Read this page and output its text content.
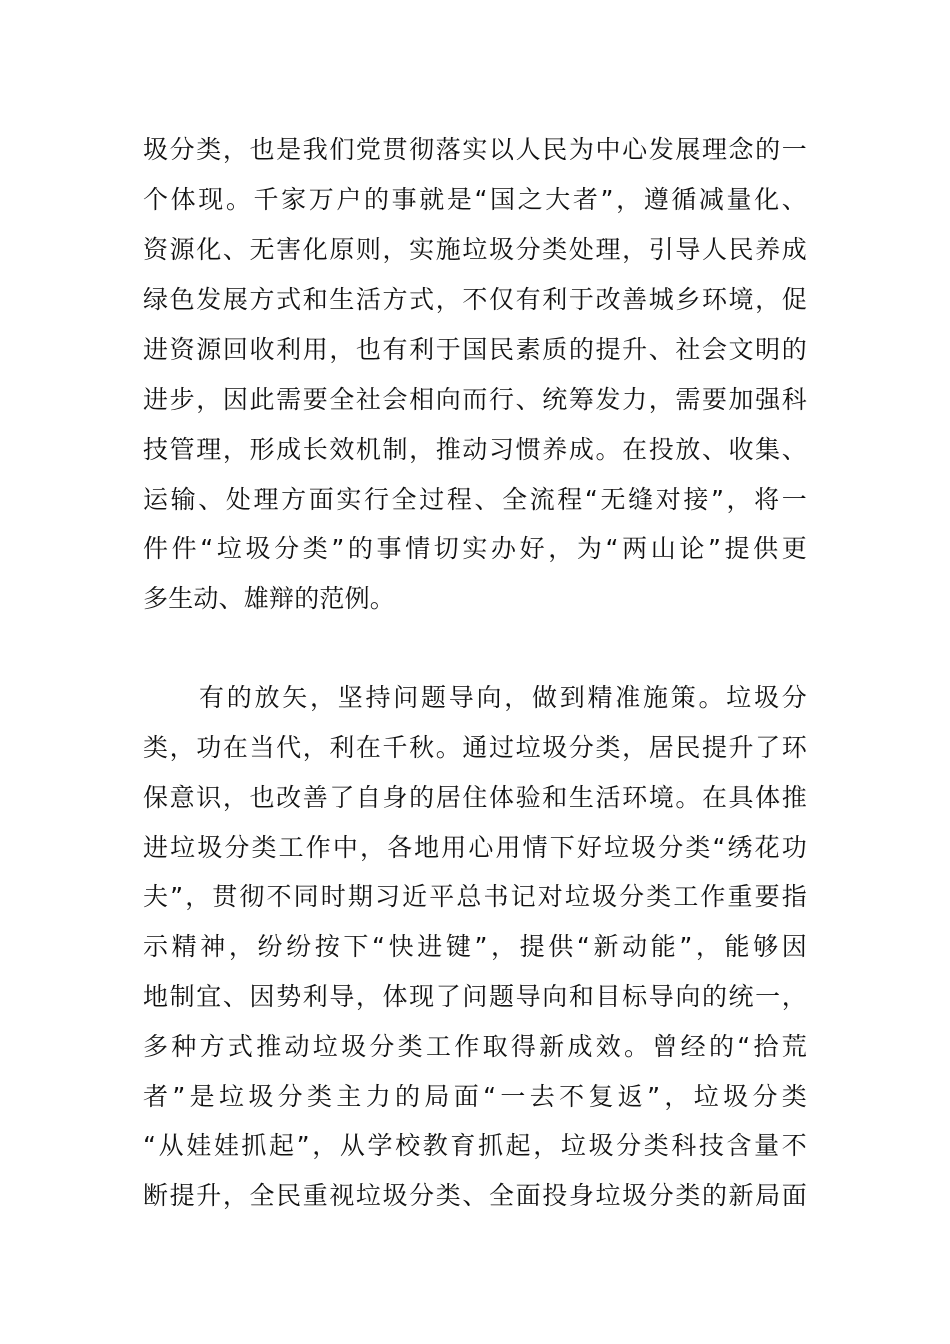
圾分类，也是我们党贯彻落实以人民为中心发展理念的一
个体现。千家万户的事就是“国之大者”，遵循减量化、
资源化、无害化原则，实施垃圾分类处理，引导人民养成
绿色发展方式和生活方式，不仅有利于改善城乡环境，促
进资源回收利用，也有利于国民素质的提升、社会文明的
进步，因此需要全社会相向而行、统筹发力，需要加强科
技管理，形成长效机制，推动习惯养成。在投放、收集、
运输、处理方面实行全过程、全流程“无缝对接”，将一
件件“垃圾分类”的事情切实办好，为“两山论”提供更
多生动、雄辩的范例。
有的放矢，坚持问题导向，做到精准施策。垃圾分
类，功在当代，利在千秋。通过垃圾分类，居民提升了环
保意识，也改善了自身的居住体验和生活环境。在具体推
进垃圾分类工作中，各地用心用情下好垃圾分类“绣花功
夫”，贯彻不同时期习近平总书记对垃圾分类工作重要指
示精神，纷纷按下“快进键”，提供“新动能”，能够因
地制宜、因势利导，体现了问题导向和目标导向的统一，
多种方式推动垃圾分类工作取得新成效。曾经的“拾荒
者”是垃圾分类主力的局面“一去不复返”，垃圾分类
“从娃娃抓起”，从学校教育抓起，垃圾分类科技含量不
断提升，全民重视垃圾分类、全面投身垃圾分类的新局面
